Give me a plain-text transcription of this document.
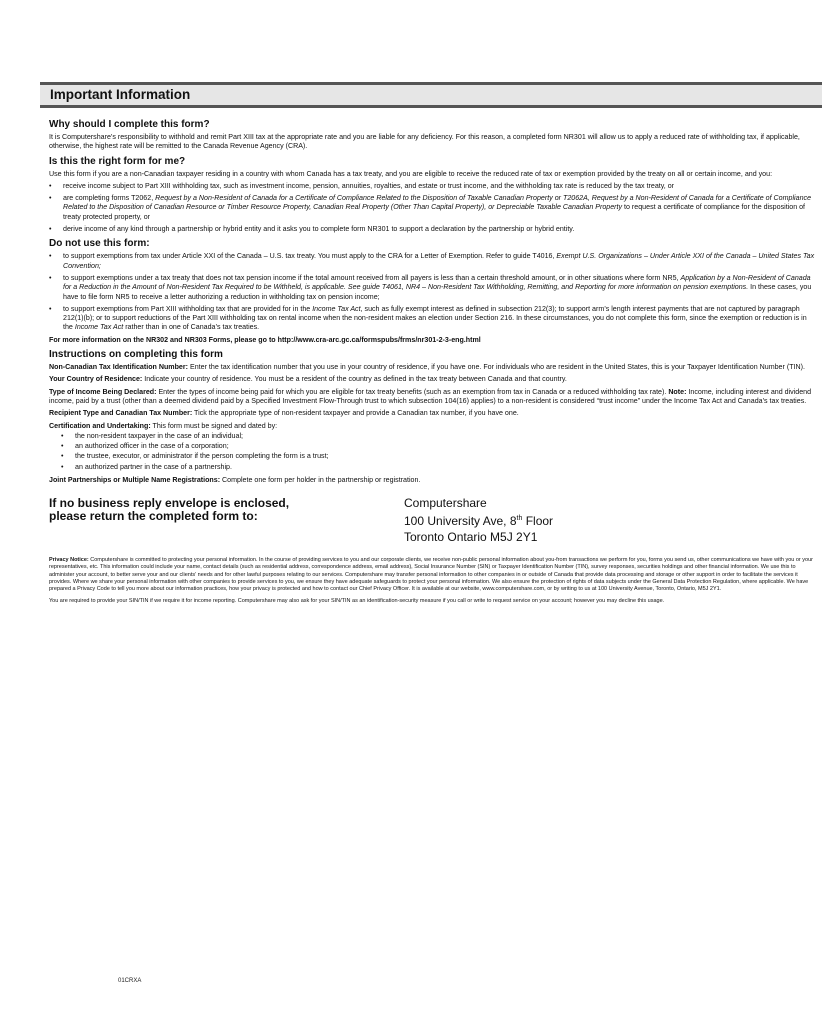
Important Information
Why should I complete this form?

It is Computershare’s responsibility to withhold and remit Part XIII tax at the appropriate rate and you are liable for any deficiency. For this reason, a completed form NR301 will allow us to apply a reduced rate of withholding tax, if applicable, otherwise, the highest rate will be remitted to the Canada Revenue Agency (CRA).

Is this the right form for me?

Use this form if you are a non-Canadian taxpayer residing in a country with whom Canada has a tax treaty, and you are eligible to receive the reduced rate of tax or exemption provided by the treaty on all or certain income, and you:

• receive income subject to Part XIII withholding tax, such as investment income, pension, annuities, royalties, and estate or trust income, and the withholding tax rate is reduced by the tax treaty, or
• are completing forms T2062, Request by a Non-Resident of Canada for a Certificate of Compliance Related to the Disposition of Taxable Canadian Property or T2062A, Request by a Non-Resident of Canada for a Certificate of Compliance Related to the Disposition of Canadian Resource or Timber Resource Property, Canadian Real Property (Other Than Capital Property), or Depreciable Taxable Canadian Property to request a certificate of compliance for the disposition of treaty protected property, or
• derive income of any kind through a partnership or hybrid entity and it asks you to complete form NR301 to support a declaration by the partnership or hybrid entity.
Do not use this form:
• to support exemptions from tax under Article XXI of the Canada – U.S. tax treaty. You must apply to the CRA for a Letter of Exemption. Refer to guide T4016, Exempt U.S. Organizations – Under Article XXI of the Canada – United States Tax Convention;
• to support exemptions under a tax treaty that does not tax pension income if the total amount received from all payers is less than a certain threshold amount, or in other situations where form NR5, Application by a Non-Resident of Canada for a Reduction in the Amount of Non-Resident Tax Required to be Withheld, is applicable. See guide T4061, NR4 – Non-Resident Tax Withholding, Remitting, and Reporting for more information on pension exemptions. In these cases, you have to file form NR5 to receive a letter authorizing a reduction in withholding tax on pension income;
• to support exemptions from Part XIII withholding tax that are provided for in the Income Tax Act, such as fully exempt interest as defined in subsection 212(3); to support arm’s length interest payments that are not captured by paragraph 212(1)(b); or to support reductions of the Part XIII withholding tax on rental income when the non-resident makes an election under Section 216. In these circumstances, you do not complete this form, since the exemption or reduction is in the Income Tax Act rather than in one of Canada’s tax treaties.

For more information on the NR302 and NR303 Forms, please go to http://www.cra-arc.gc.ca/formspubs/frms/nr301-2-3-eng.html

Instructions on completing this form

Non-Canadian Tax Identification Number: Enter the tax identification number that you use in your country of residence, if you have one. For individuals who are resident in the United States, this is your Taxpayer Identification Number (TIN).

Your Country of Residence: Indicate your country of residence. You must be a resident of the country as defined in the tax treaty between Canada and that country.

Type of Income Being Declared: Enter the types of income being paid for which you are eligible for tax treaty benefits (such as an exemption from tax in Canada or a reduced withholding tax rate). Note: Income, including interest and dividend income, paid by a trust (other than a deemed dividend paid by a Specified Investment Flow-Through trust to which subsection 104(16) applies) to a non-resident is considered “trust income” under the Income Tax Act and Canada’s tax treaties.

Recipient Type and Canadian Tax Number: Tick the appropriate type of non-resident taxpayer and provide a Canadian tax number, if you have one.

Certification and Undertaking: This form must be signed and dated by:

• the non-resident taxpayer in the case of an individual;
• an authorized officer in the case of a corporation;
• the trustee, executor, or administrator if the person completing the form is a trust;
• an authorized partner in the case of a partnership.

Joint Partnerships or Multiple Name Registrations: Complete one form per holder in the partnership or registration.

If no business reply envelope is enclosed,
please return the completed form to:
Computershare
100 University Ave, 8th Floor
Toronto Ontario M5J 2Y1

Privacy Notice: Computershare is committed to protecting your personal information. In the course of providing services to you and our corporate clients, we receive non-public personal information about you-from transactions we perform for you, forms you send us, other communications we have with you or your representatives, etc. This information could include your name, contact details (such as residential address, correspondence address, email address), Social Insurance Number (SIN) or Taxpayer Identification Number (TIN), survey responses, securities holdings and other financial information. We use this to administer your account, to better serve your and our clients’ needs and for other lawful purposes relating to our services. Computershare may transfer personal information to other companies in or outside of Canada that provide data processing and storage or other support in order to facilitate the services it provides. Where we share your personal information with other companies to provide services to you, we ensure they have adequate safeguards to protect your personal information. We also ensure the protection of rights of data subjects under the General Data Protection Regulation, where applicable. We have prepared a Privacy Code to tell you more about our information practices, how your privacy is protected and how to contact our Chief Privacy Officer. It is available at our website, www.computershare.com, or by writing to us at 100 University Avenue, Toronto, Ontario, M5J 2Y1.

You are required to provide your SIN/TIN if we require it for income reporting. Computershare may also ask for your SIN/TIN as an identification-security measure if you call or write to request service on your account; however you may decline this usage.

01CRXA
